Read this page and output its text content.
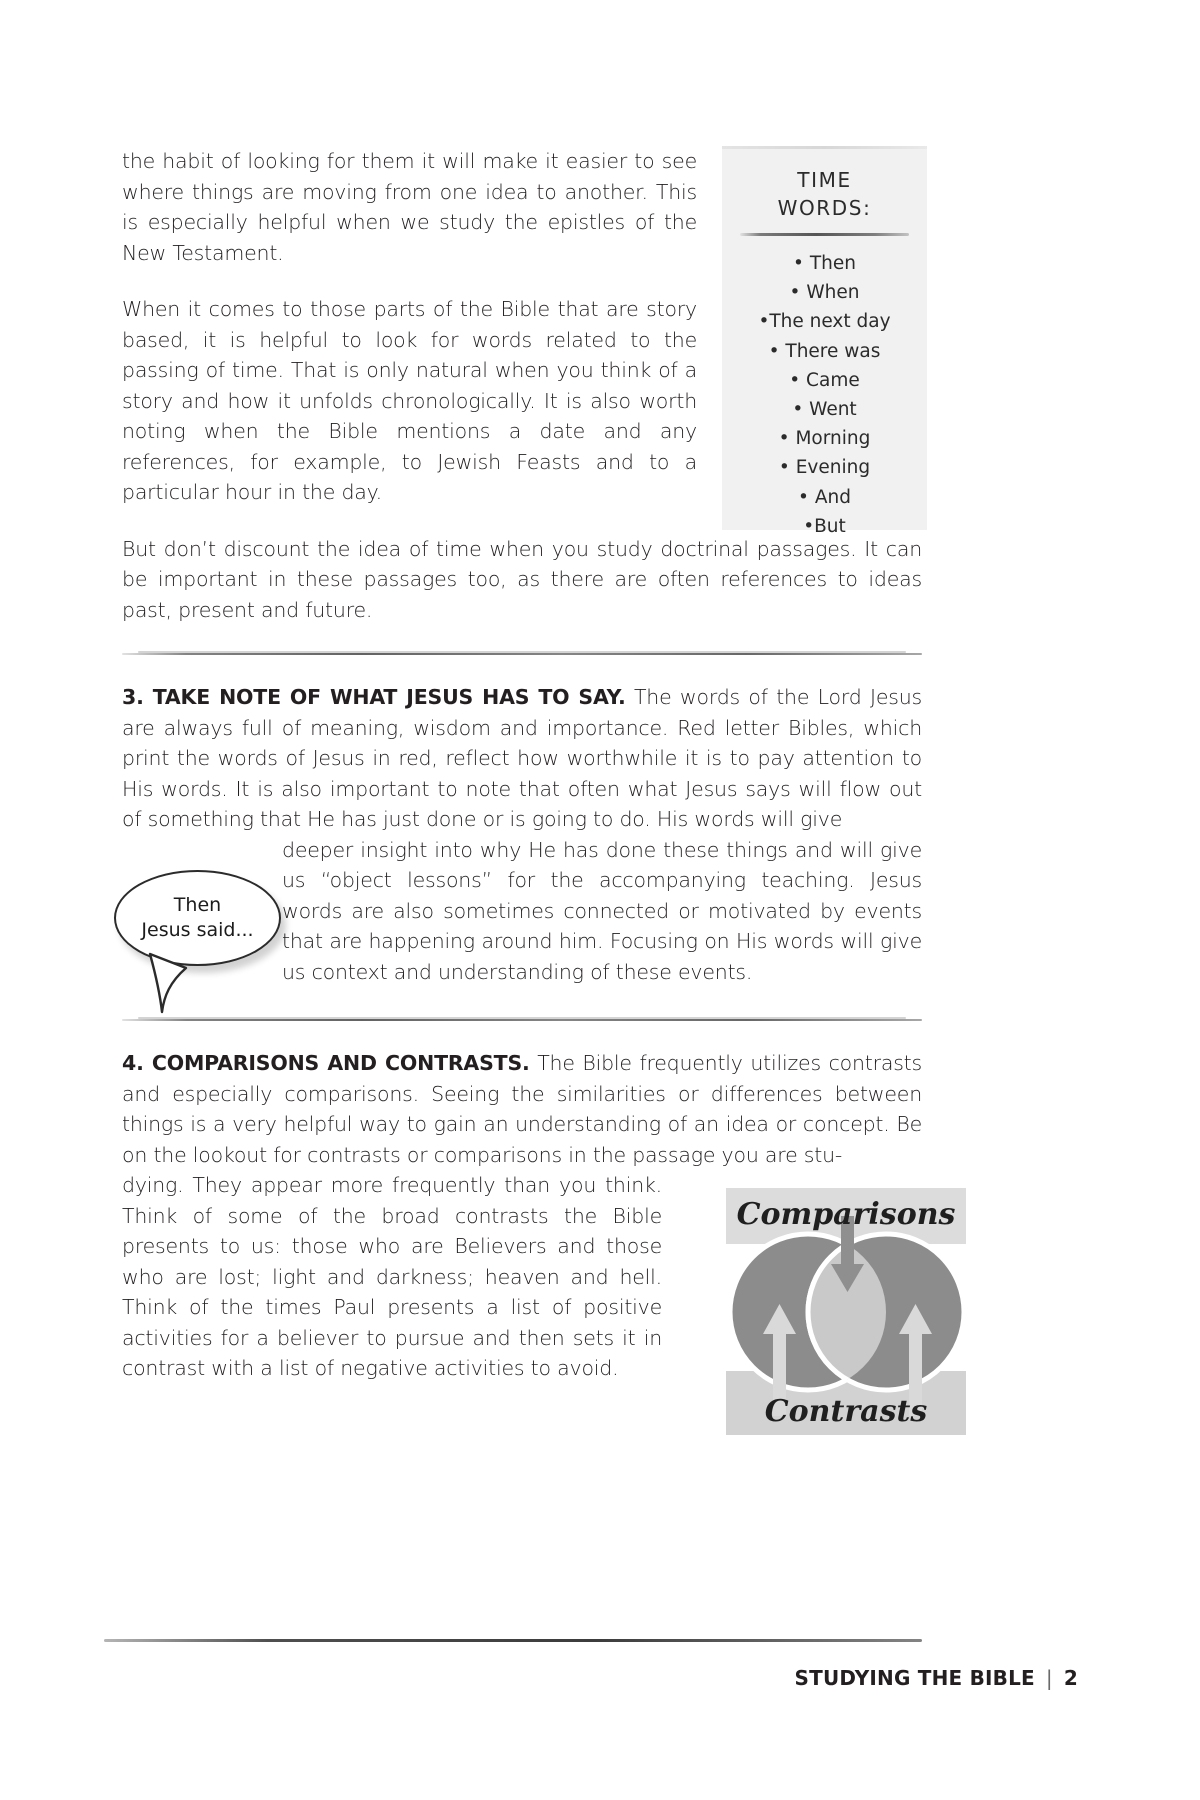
TIME
WORDS:
• Then
• When
•The next day
• There was
• Came
• Went
• Morning
• Evening
• And
•But

the habit of looking for them it will make it easier to see where things are moving from one idea to another. This is especially helpful when we study the epistles of the New Testament.

When it comes to those parts of the Bible that are story based, it is helpful to look for words related to the passing of time. That is only natural when you think of a story and how it unfolds chronologically. It is also worth noting when the Bible mentions a date and any references, for example, to Jewish Feasts and to a particular hour in the day.

But don’t discount the idea of time when you study doctrinal passages. It can be important in these passages too, as there are often references to ideas past, present and future.

3. TAKE NOTE OF WHAT JESUS HAS TO SAY. The words of the Lord Jesus are always full of meaning, wisdom and importance. Red letter Bibles, which print the words of Jesus in red, reflect how worthwhile it is to pay attention to His words. It is also important to note that often what Jesus says will flow out of something that He has just done or is going to do. His words will give

deeper insight into why He has done these things and will give us “object lessons” for the accompanying teaching. Jesus words are also sometimes connected or motivated by events that are happening around him. Focusing on His words will give us context and understanding of these events.

4. COMPARISONS AND CONTRASTS. The Bible frequently utilizes contrasts and especially comparisons. Seeing the similarities or differences between things is a very helpful way to gain an understanding of an idea or concept. Be on the lookout for contrasts or comparisons in the passage you are stu-

dying. They appear more frequently than you think. Think of some of the broad contrasts the Bible presents to us: those who are Believers and those who are lost; light and darkness; heaven and hell. Think of the times Paul presents a list of positive activities for a believer to pursue and then sets it in contrast with a list of negative activities to avoid.

Then
Jesus said...
Comparisons
Contrasts
STUDYING THE BIBLE | 2
